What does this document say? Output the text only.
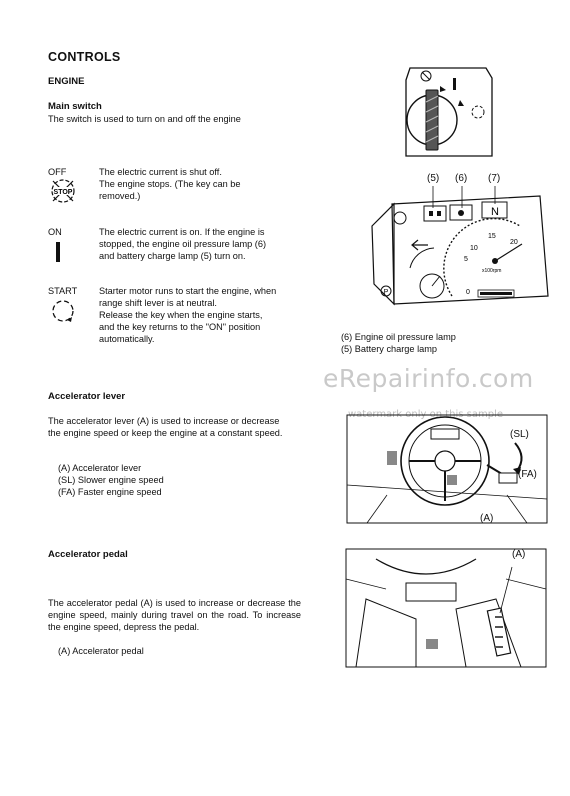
CONTROLS
ENGINE
Main switch
The switch is used to turn on and off the engine
OFF
STOP
The electric current is shut off.
The engine stops. (The key can be
removed.)
ON	The electric current is on. If the engine is
stopped, the engine oil pressure lamp (6)
and battery charge lamp (5) turn on.
START Starter motor runs to start the engine, when
range shift lever is at neutral.
Release the key when the engine starts,
and the key returns to the "ON" position
automatically.
(5) (6) (7)
N
5
10
15
20
0
x100rpm
P
(6) Engine oil pressure lamp
(5) Battery charge lamp
eRepairinfo.com
watermark only on this sample
Accelerator lever
The accelerator lever (A) is used to increase or decrease the engine speed or keep the engine at a constant speed.
(A) Accelerator lever
(SL) Slower engine speed
(FA) Faster engine speed
(SL)
(FA)
(A)
Accelerator pedal
The accelerator pedal (A) is used to increase or decrease the engine speed, mainly during travel on the road. To increase the engine speed, depress the pedal.
(A) Accelerator pedal
(A)
